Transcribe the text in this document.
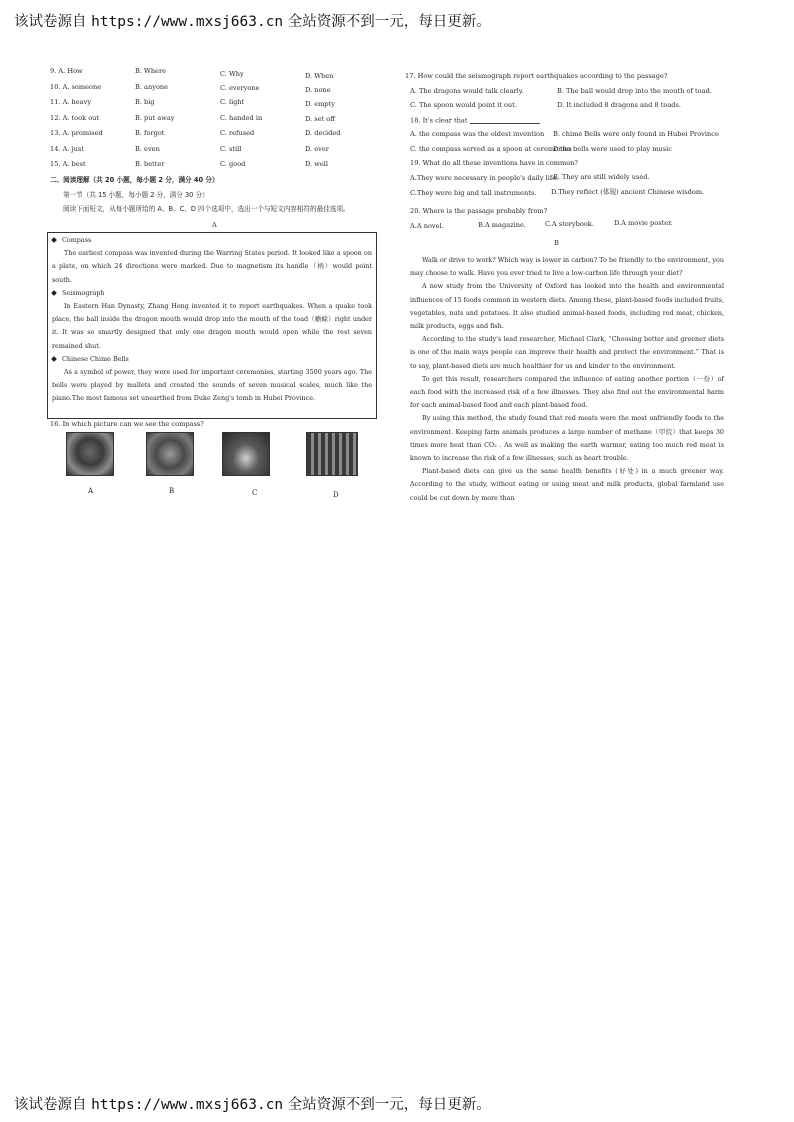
该试卷源自 https://www.mxsj663.cn 全站资源不到一元，每日更新。
该试卷源自 https://www.mxsj663.cn 全站资源不到一元，每日更新。
9. A. How	B. Where	C. Why	D. When
10. A. someone	B. anyone	C. everyone	D. none
11. A. heavy	B. big	C. light	D. empty
12. A. took out	B. put away	C. handed in	D. set off
13. A. promised	B. forgot	C. refused	D. decided
14. A. just	B. even	C. still	D. ever
15. A. best	B. better	C. good	D. well
二、阅读理解（共 20 小题，每小题 2 分，满分 40 分）
第一节（共 15 小题，每小题 2 分，满分 30 分）
阅读下面短文，从每小题所给的 A、B、C、D 四个选项中，选出一个与短文内容相符的最佳选项。
A
Compass
The earliest compass was invented during the Warring States period. It looked like a spoon on a plate, on which 24 directions were marked. Due to magnetism its handle（柄）would point south.
Seismograph
In Eastern Han Dynasty, Zhang Heng invented it to report earthquakes. When a quake took place, the ball inside the dragon mouth would drop into the mouth of the toad（蟾蜍）right under it. It was so smartly designed that only one dragon mouth would open while the rest seven remained shut.
Chinese Chime Bells
As a symbol of power, they were used for important ceremonies, starting 3500 years ago. The bells were played by mallets and created the sounds of seven musical scales, much like the piano.The most famous set unearthed from Duke Zeng's tomb in Hubei Province.
16. In which picture can we see the compass?
A	B	C	D
17. How could the seismograph report earthquakes according to the passage?
A. The dragons would talk clearly.	B. The ball would drop into the mouth of toad.
C. The spoon would point it out.	D. It included 8 dragons and 8 toads.
18. It's clear that
A. the compass was the oldest invention B. chime Bells were only found in Hubei Province
C. the compass served as a spoon at ceremonies
D.the bells were used to play music
19. What do all these inventions have in common?
A.They were necessary in people's daily life.
B. They are still widely used.
C.They were big and tall instruments. D.They reflect (体现) ancient Chinese wisdom.
20. Where is the passage probably from?
A.A novel.	B.A magazine.	C.A storybook.	D.A movie poster.
B
Walk or drive to work? Which way is lower in carbon? To be friendly to the environment, you may choose to walk. Have you ever tried to live a low-carbon life through your diet?
A new study from the University of Oxford has looked into the health and environmental influences of 15 foods common in western diets. Among these, plant-based foods included fruits, vegetables, nuts and potatoes. It also studied animal-based foods, including red meat, chicken, milk products, eggs and fish.
According to the study's lead researcher, Michael Clark, “Choosing better and greener diets is one of the main ways people can improve their health and protect the environment.” That is to say, plant-based diets are much healthier for us and kinder to the environment.
To get this result, researchers compared the influence of eating another portion（一份）of each food with the increased risk of a few illnesses. They also find out the environmental harm for each animal-based food and each plant-based food.
By using this method, the study found that red meats were the most unfriendly foods to the environment. Keeping farm animals produces a large number of methane（甲烷）that keeps 30 times more heat than CO₂ . As well as making the earth warmer, eating too much red meat is known to increase the risk of a few illnesses, such as heart trouble.
Plant-based diets can give us the same health benefits (好处) in a much greener way. According to the study, without eating or using meat and milk products, global farmland use could be cut down by more than
